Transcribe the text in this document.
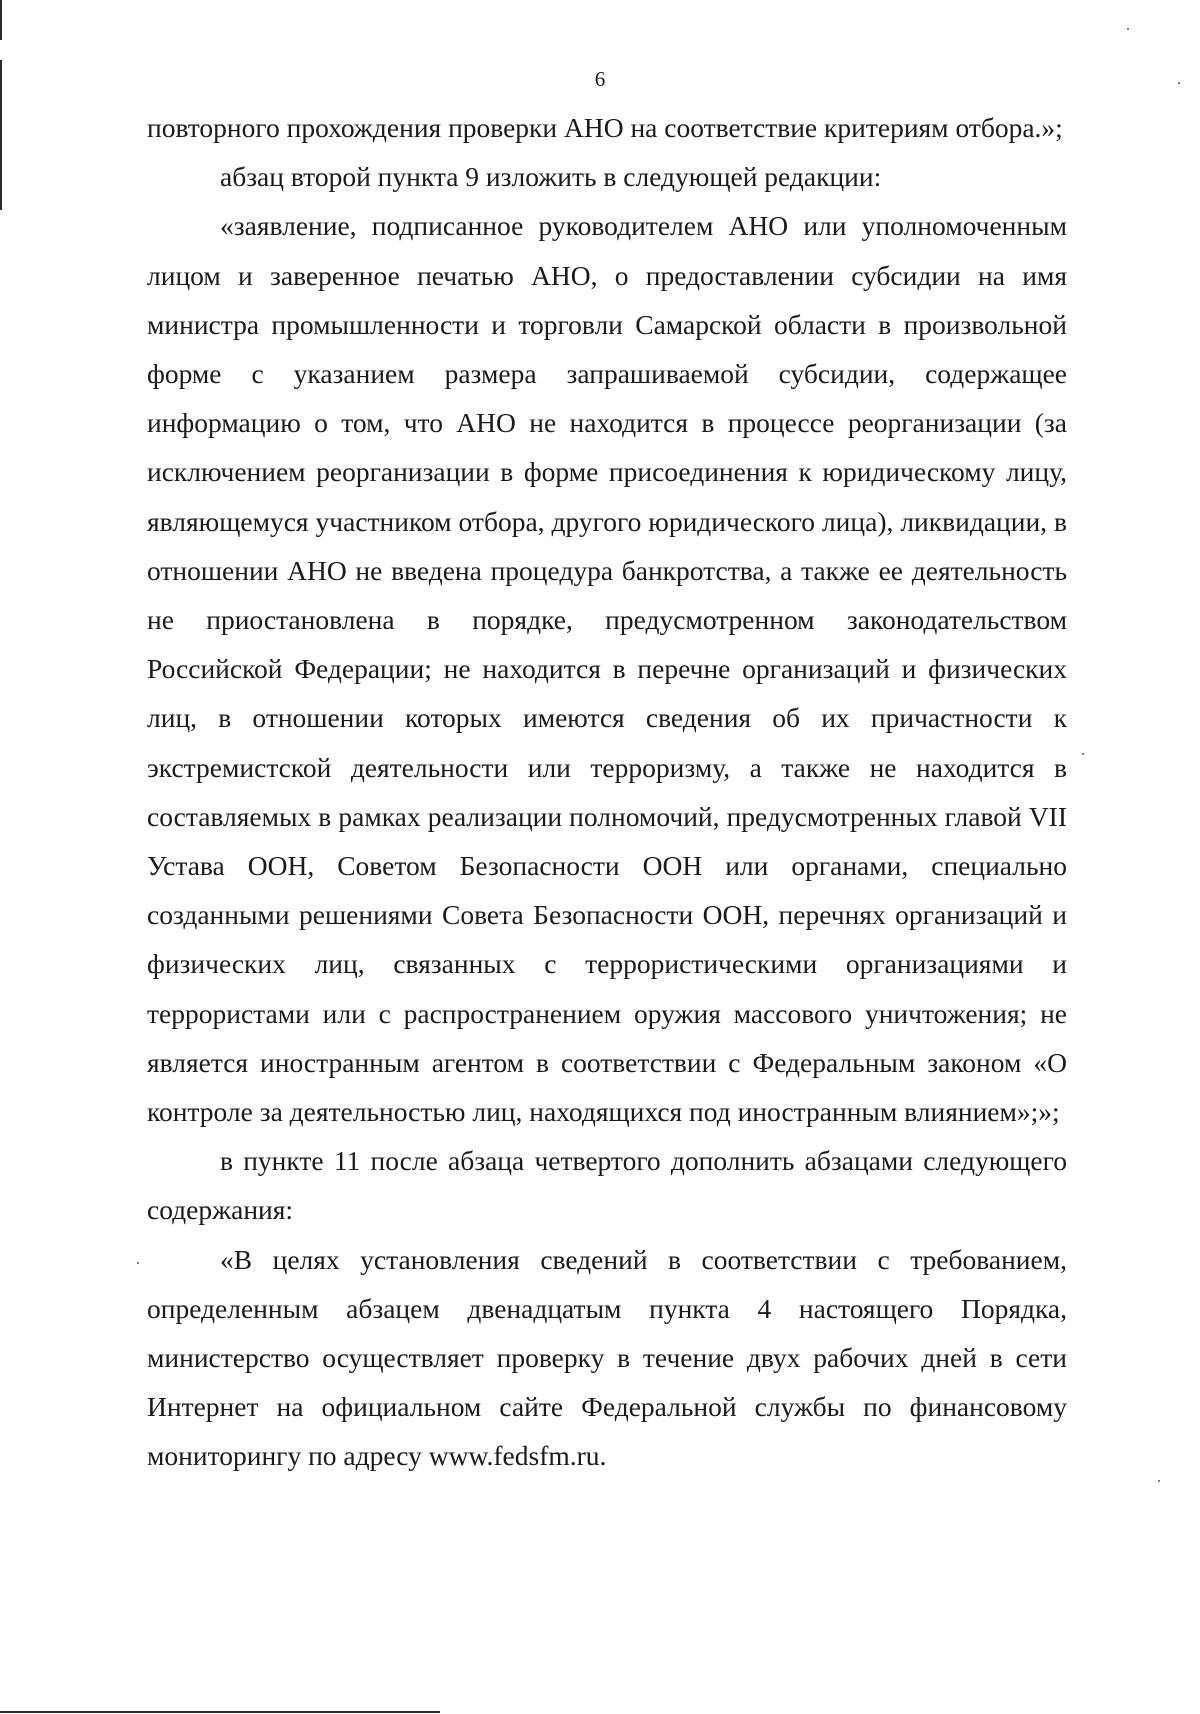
6

повторного прохождения проверки АНО на соответствие критериям отбора.»;

абзац второй пункта 9 изложить в следующей редакции:

«заявление, подписанное руководителем АНО или уполномоченным лицом и заверенное печатью АНО, о предоставлении субсидии на имя министра промышленности и торговли Самарской области в произвольной форме с указанием размера запрашиваемой субсидии, содержащее информацию о том, что АНО не находится в процессе реорганизации (за исключением реорганизации в форме присоединения к юридическому лицу, являющемуся участником отбора, другого юридического лица), ликвидации, в отношении АНО не введена процедура банкротства, а также ее деятельность не приостановлена в порядке, предусмотренном законодательством Российской Федерации; не находится в перечне организаций и физических лиц, в отношении которых имеются сведения об их причастности к экстремистской деятельности или терроризму, а также не находится в составляемых в рамках реализации полномочий, предусмотренных главой VII Устава ООН, Советом Безопасности ООН или органами, специально созданными решениями Совета Безопасности ООН, перечнях организаций и физических лиц, связанных с террористическими организациями и террористами или с распространением оружия массового уничтожения; не является иностранным агентом в соответствии с Федеральным законом «О контроле за деятельностью лиц, находящихся под иностранным влиянием»;»;

в пункте 11 после абзаца четвертого дополнить абзацами следующего содержания:

«В целях установления сведений в соответствии с требованием, определенным абзацем двенадцатым пункта 4 настоящего Порядка, министерство осуществляет проверку в течение двух рабочих дней в сети Интернет на официальном сайте Федеральной службы по финансовому мониторингу по адресу www.fedsfm.ru.
